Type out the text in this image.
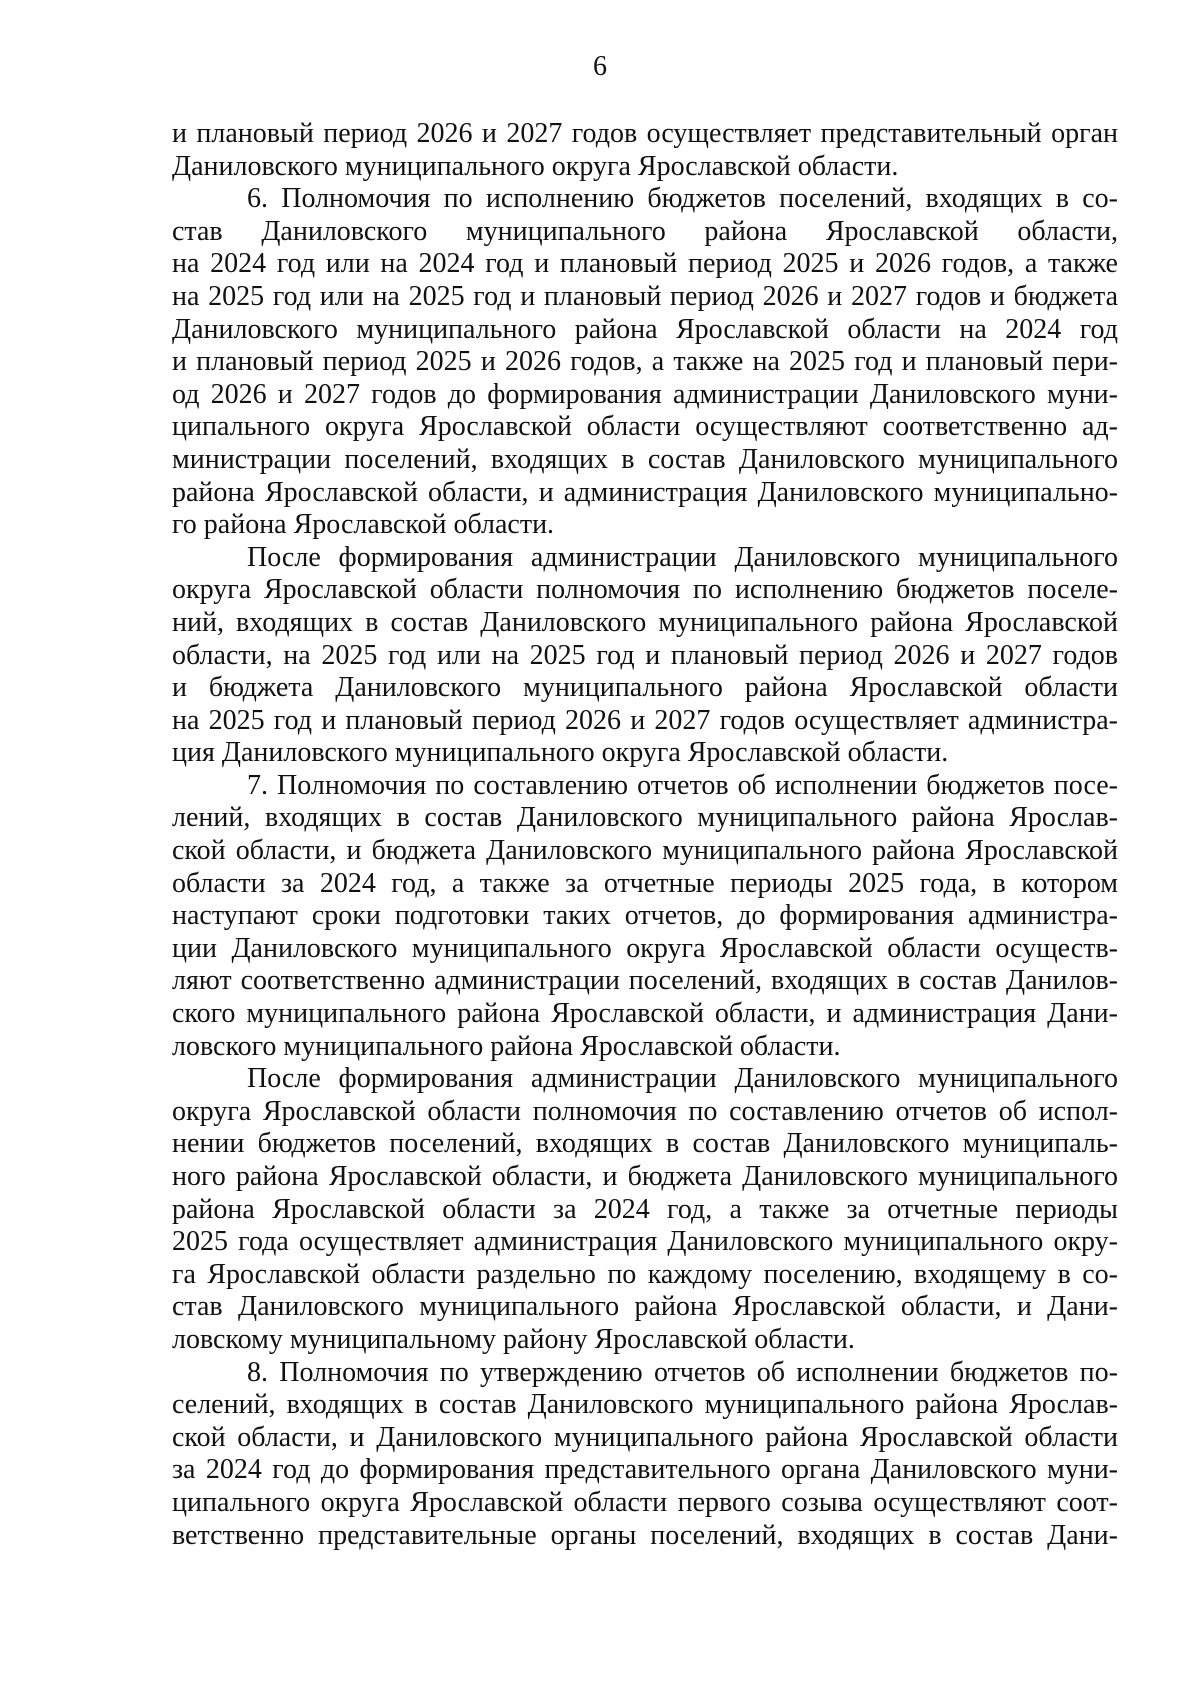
6

и плановый период 2026 и 2027 годов осуществляет представительный орган

Даниловского муниципального округа Ярославской области.

6. Полномочия по исполнению бюджетов поселений, входящих в со-

став Даниловского муниципального района Ярославской области,

на 2024 год или на 2024 год и плановый период 2025 и 2026 годов, а также

на 2025 год или на 2025 год и плановый период 2026 и 2027 годов и бюджета

Даниловского муниципального района Ярославской области на 2024 год

и плановый период 2025 и 2026 годов, а также на 2025 год и плановый пери-

од 2026 и 2027 годов до формирования администрации Даниловского муни-

ципального округа Ярославской области осуществляют соответственно ад-

министрации поселений, входящих в состав Даниловского муниципального

района Ярославской области, и администрация Даниловского муниципально-

го района Ярославской области.

После формирования администрации Даниловского муниципального

округа Ярославской области полномочия по исполнению бюджетов поселе-

ний, входящих в состав Даниловского муниципального района Ярославской

области, на 2025 год или на 2025 год и плановый период 2026 и 2027 годов

и бюджета Даниловского муниципального района Ярославской области

на 2025 год и плановый период 2026 и 2027 годов осуществляет администра-

ция Даниловского муниципального округа Ярославской области.

7. Полномочия по составлению отчетов об исполнении бюджетов посе-

лений, входящих в состав Даниловского муниципального района Ярослав-

ской области, и бюджета Даниловского муниципального района Ярославской

области за 2024 год, а также за отчетные периоды 2025 года, в котором

наступают сроки подготовки таких отчетов, до формирования администра-

ции Даниловского муниципального округа Ярославской области осуществ-

ляют соответственно администрации поселений, входящих в состав Данилов-

ского муниципального района Ярославской области, и администрация Дани-

ловского муниципального района Ярославской области.

После формирования администрации Даниловского муниципального

округа Ярославской области полномочия по составлению отчетов об испол-

нении бюджетов поселений, входящих в состав Даниловского муниципаль-

ного района Ярославской области, и бюджета Даниловского муниципального

района Ярославской области за 2024 год, а также за отчетные периоды

2025 года осуществляет администрация Даниловского муниципального окру-

га Ярославской области раздельно по каждому поселению, входящему в со-

став Даниловского муниципального района Ярославской области, и Дани-

ловскому муниципальному району Ярославской области.

8. Полномочия по утверждению отчетов об исполнении бюджетов по-

селений, входящих в состав Даниловского муниципального района Ярослав-

ской области, и Даниловского муниципального района Ярославской области

за 2024 год до формирования представительного органа Даниловского муни-

ципального округа Ярославской области первого созыва осуществляют соот-

ветственно представительные органы поселений, входящих в состав Дани-
